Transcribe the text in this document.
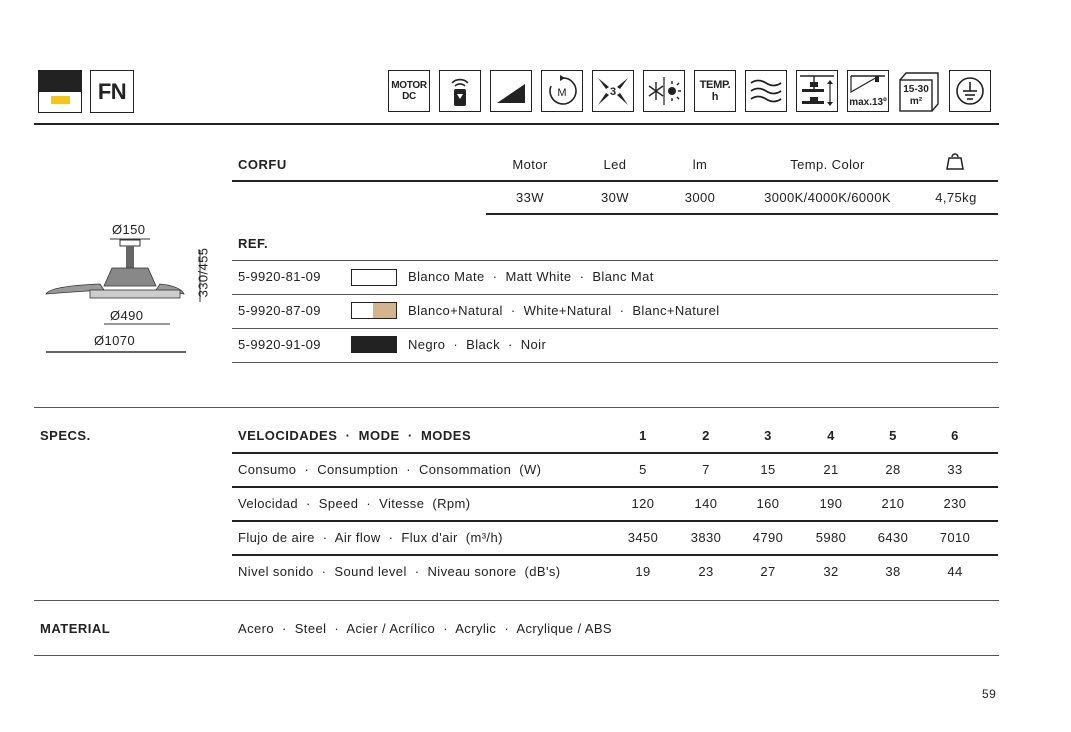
FN	MOTOR
DC	M	3
TEMP.
h	max.13º
15-30
m²
CORFU	Motor	Led	lm	Temp. Color
33W	30W	3000	3000K/4000K/6000K	4,75kg
Ø150
330/455
Ø490
Ø1070
REF.
5-9920-81-09	Blanco Mate  ·  Matt White  ·  Blanc Mat
5-9920-87-09	Blanco+Natural  ·  White+Natural  ·  Blanc+Naturel
5-9920-91-09	Negro  ·  Black  ·  Noir
SPECS.	VELOCIDADES  ·  MODE  ·  MODES	1	2	3	4	5	6
Consumo  ·  Consumption  ·  Consommation  (W)	5	7	15	21	28	33
Velocidad  ·  Speed  ·  Vitesse  (Rpm)	120	140	160	190	210	230
Flujo de aire  ·  Air flow  ·  Flux d'air  (m³/h)	3450	3830	4790	5980	6430	7010
Nivel sonido  ·  Sound level  ·  Niveau sonore  (dB's)	19	23	27	32	38	44
MATERIAL	Acero  ·  Steel  ·  Acier / Acrílico  ·  Acrylic  ·  Acrylique / ABS
59
